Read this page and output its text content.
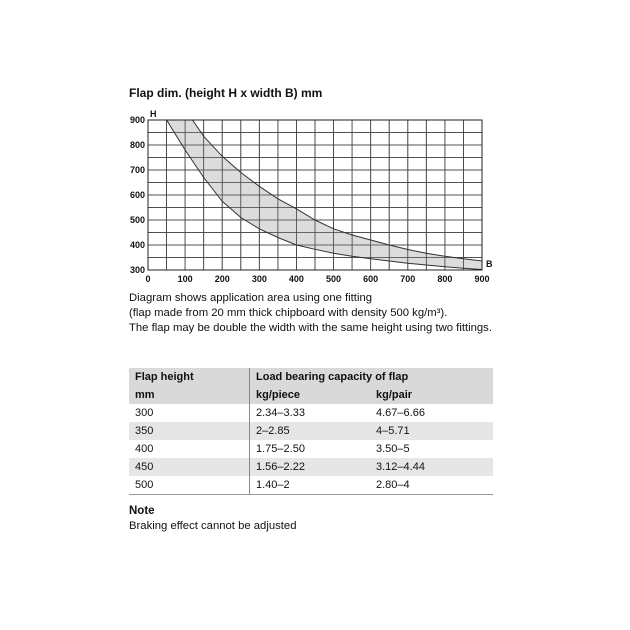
Flap dim. (height H x width B) mm
0	100 200 300 400 500 600 700 800 900
300
400
500
600
700
800
900
H
B

Diagram shows application area using one fitting

(flap made from 20 mm thick chipboard with density 500 kg/m³).

The flap may be double the width with the same height using two fittings.

Flap height	Load bearing capacity of flap	
mm	kg/piece	kg/pair
300	2.34–3.33	4.67–6.66
350	2–2.85	4–5.71
400	1.75–2.50	3.50–5
450	1.56–2.22	3.12–4.44
500	1.40–2	2.80–4
Note
Braking effect cannot be adjusted
